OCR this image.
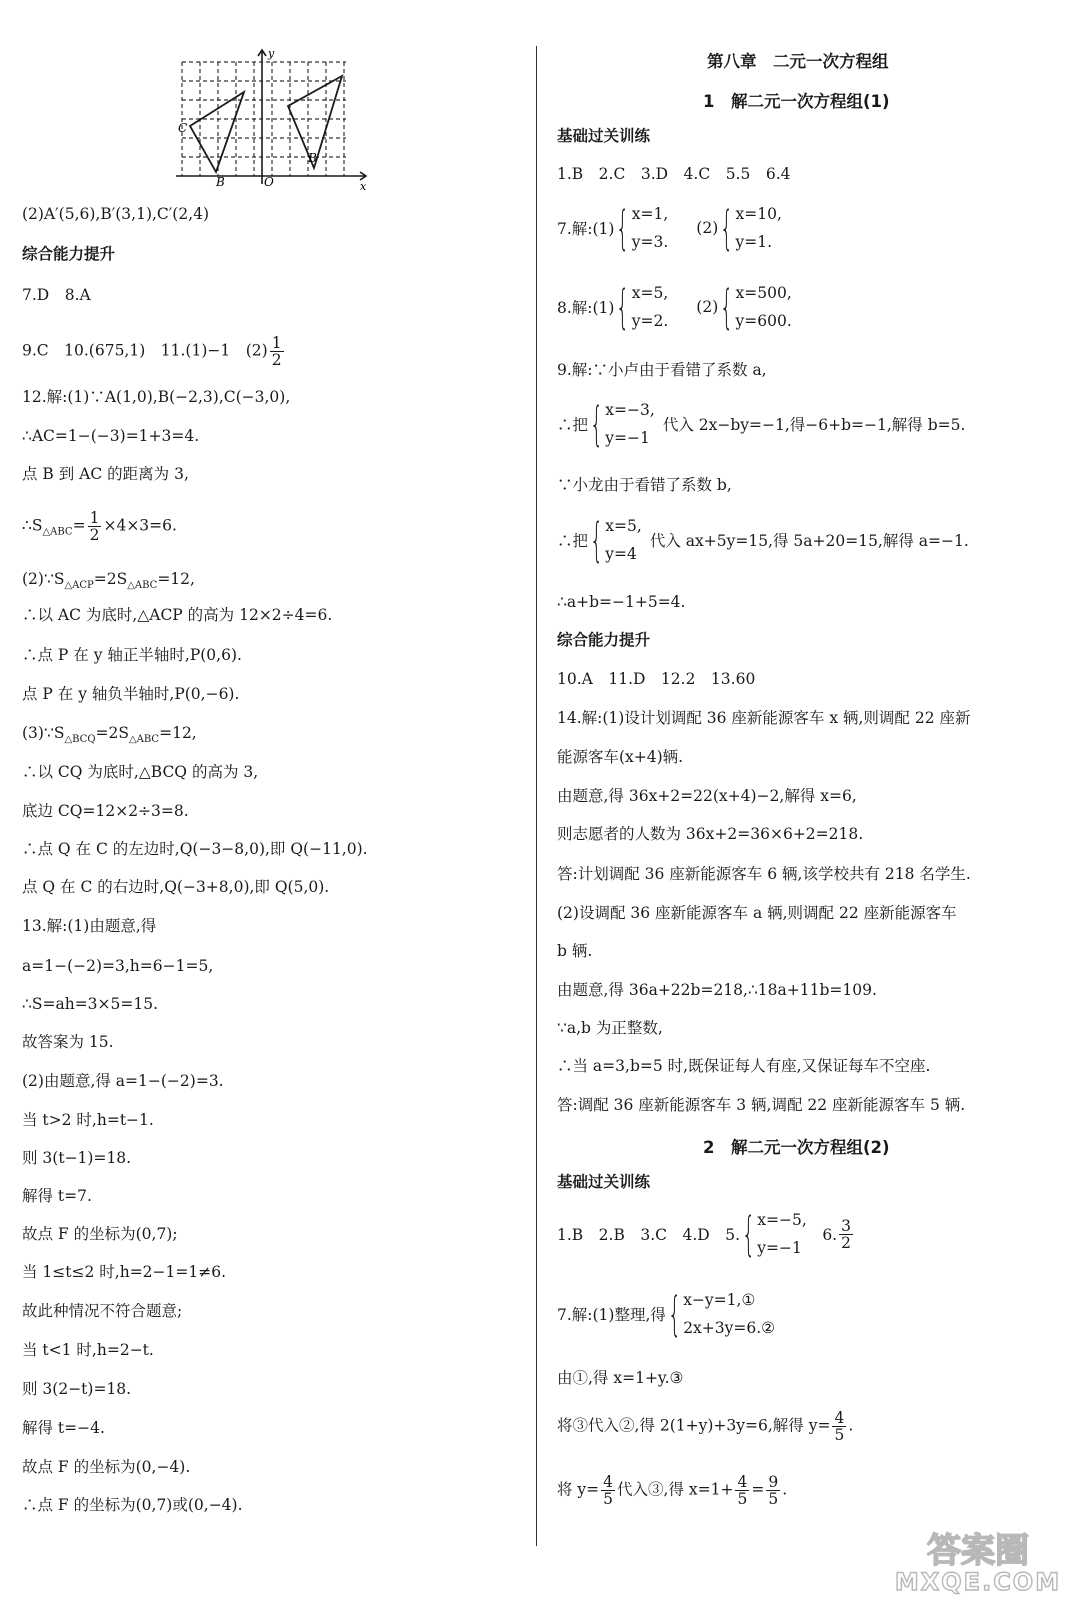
y
x
C
B	O
B
(2)A′(5,6),B′(3,1),C′(2,4)
综合能力提升
7.D　8.A
9.C　10.(675,1)　11.(1)−1　$(2) \frac{1}{2}$
12.解:(1)∵A(1,0),B(−2,3),C(−3,0),
∴AC=1−(−3)=1+3=4.
点 B 到 AC 的距离为 3,
$\therefore S_{\triangle ABC}= \frac{1}{2} \times 4\times 3=6$.
$(2)\because S_{\triangle ACP}=2S_{\triangle ABC}=12$,
∴以 AC 为底时,△ACP 的高为 12×2÷4=6.
∴点 P 在 y 轴正半轴时,P(0,6).
点 P 在 y 轴负半轴时,P(0,−6).
$(3)\because S_{\triangle BCQ}=2S_{\triangle ABC}=12$,
∴以 CQ 为底时,△BCQ 的高为 3,
底边 CQ=12×2÷3=8.
∴点 Q 在 C 的左边时,Q(−3−8,0),即 Q(−11,0).
点 Q 在 C 的右边时,Q(−3+8,0),即 Q(5,0).
13.解:(1)由题意,得
a=1−(−2)=3,h=6−1=5,
∴S=ah=3×5=15.
故答案为 15.
(2)由题意,得 a=1−(−2)=3.
当 t>2 时,h=t−1.
则 3(t−1)=18.
解得 t=7.
故点 F 的坐标为(0,7);
当 1≤t≤2 时,h=2−1=1≠6.
故此种情况不符合题意;
当 t<1 时,h=2−t.
则 3(2−t)=18.
解得 t=−4.
故点 F 的坐标为(0,−4).
∴点 F 的坐标为(0,7)或(0,−4).
第八章　二元一次方程组
1　解二元一次方程组(1)
基础过关训练
1.B　2.C　3.D　4.C　5.5　6.4
7.解:(1) { x=1,
y=3.
(2) { x=10,
y=1.
8.解:(1) { x=5,
y=2.
(2) { x=500,
y=600.
9.解:∵小卢由于看错了系数 a,
∴把 { x=−3,
y=−1
代入 2x−by=−1,得−6+b=−1,解得 b=5.
∵小龙由于看错了系数 b,
∴把 { x=5,
y=4
代入 ax+5y=15,得 5a+20=15,解得 a=−1.
∴a+b=−1+5=4.
综合能力提升
10.A　11.D　12.2　13.60
14.解:(1)设计划调配 36 座新能源客车 x 辆,则调配 22 座新
能源客车(x+4)辆.
由题意,得 36x+2=22(x+4)−2,解得 x=6,
则志愿者的人数为 36x+2=36×6+2=218.
答:计划调配 36 座新能源客车 6 辆,该学校共有 218 名学生.
(2)设调配 36 座新能源客车 a 辆,则调配 22 座新能源客车
b 辆.
由题意,得 36a+22b=218,∴18a+11b=109.
∵a,b 为正整数,
∴当 a=3,b=5 时,既保证每人有座,又保证每车不空座.
答:调配 36 座新能源客车 3 辆,调配 22 座新能源客车 5 辆.
2　解二元一次方程组(2)
基础过关训练
1.B　2.B　3.C　4.D　5. { x=−5,
y=−1
　6. $\frac{3}{2}$
7.解:(1)整理,得 { x−y=1,①
2x+3y=6.②
由①,得 x=1+y.③
将③代入②,得 2(1+y)+3y=6,解得 $y= \frac{4}{5}$ .
将 $y= \frac{4}{5}$ 代入③,得 $x=1+ \frac{4}{5} = \frac{9}{5}$ .
答案圈
MXQE.COM
